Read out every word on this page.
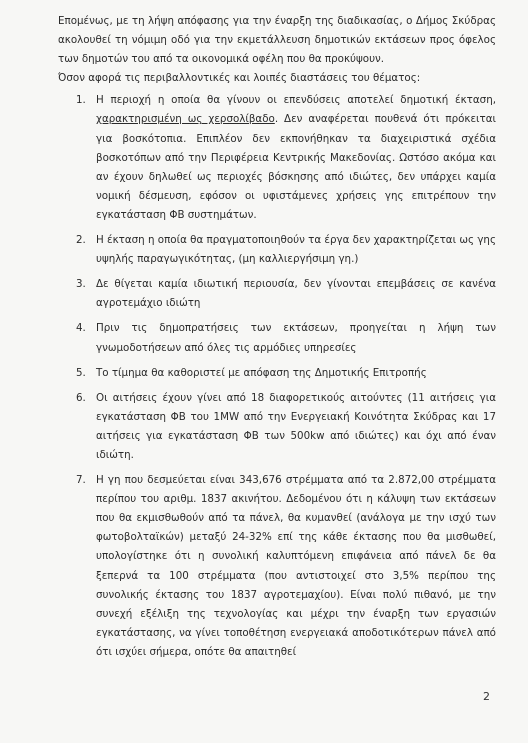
Επομένως, με τη λήψη απόφασης για την έναρξη της διαδικασίας, ο Δήμος Σκύδρας ακολουθεί τη νόμιμη οδό για την εκμετάλλευση δημοτικών εκτάσεων προς όφελος των δημοτών του από τα οικονομικά οφέλη που θα προκύψουν.

Όσον αφορά τις περιβαλλοντικές και λοιπές διαστάσεις του θέματος:

1. Η περιοχή η οποία θα γίνουν οι επενδύσεις αποτελεί δημοτική έκταση, χαρακτηρισμένη ως χερσολίβαδο. Δεν αναφέρεται πουθενά ότι πρόκειται για βοσκότοπια. Επιπλέον δεν εκπονήθηκαν τα διαχειριστικά σχέδια βοσκοτόπων από την Περιφέρεια Κεντρικής Μακεδονίας. Ωστόσο ακόμα και αν έχουν δηλωθεί ως περιοχές βόσκησης από ιδιώτες, δεν υπάρχει καμία νομική δέσμευση, εφόσον οι υφιστάμενες χρήσεις γης επιτρέπουν την εγκατάσταση ΦΒ συστημάτων.
2. Η έκταση η οποία θα πραγματοποιηθούν τα έργα δεν χαρακτηρίζεται ως γης υψηλής παραγωγικότητας, (μη καλλιεργήσιμη γη.)
3. Δε θίγεται καμία ιδιωτική περιουσία, δεν γίνονται επεμβάσεις σε κανένα αγροτεμάχιο ιδιώτη
4. Πριν τις δημοπρατήσεις των εκτάσεων, προηγείται η λήψη των γνωμοδοτήσεων από όλες τις αρμόδιες υπηρεσίες
5. Το τίμημα θα καθοριστεί με απόφαση της Δημοτικής Επιτροπής
6. Οι αιτήσεις έχουν γίνει από 18 διαφορετικούς αιτούντες (11 αιτήσεις για εγκατάσταση ΦΒ του 1MW από την Ενεργειακή Κοινότητα Σκύδρας και 17 αιτήσεις για εγκατάσταση ΦΒ των 500kw από ιδιώτες) και όχι από έναν ιδιώτη.
7. Η γη που δεσμεύεται είναι 343,676 στρέμματα από τα 2.872,00 στρέμματα περίπου του αριθμ. 1837 ακινήτου. Δεδομένου ότι η κάλυψη των εκτάσεων που θα εκμισθωθούν από τα πάνελ, θα κυμανθεί (ανάλογα με την ισχύ των φωτοβολταϊκών) μεταξύ 24-32% επί της κάθε έκτασης που θα μισθωθεί, υπολογίστηκε ότι η συνολική καλυπτόμενη επιφάνεια από πάνελ δε θα ξεπερνά τα 100 στρέμματα (που αντιστοιχεί στο 3,5% περίπου της συνολικής έκτασης του 1837 αγροτεμαχίου). Είναι πολύ πιθανό, με την συνεχή εξέλιξη της τεχνολογίας και μέχρι την έναρξη των εργασιών εγκατάστασης, να γίνει τοποθέτηση ενεργειακά αποδοτικότερων πάνελ από ότι ισχύει σήμερα, οπότε θα απαιτηθεί
2
